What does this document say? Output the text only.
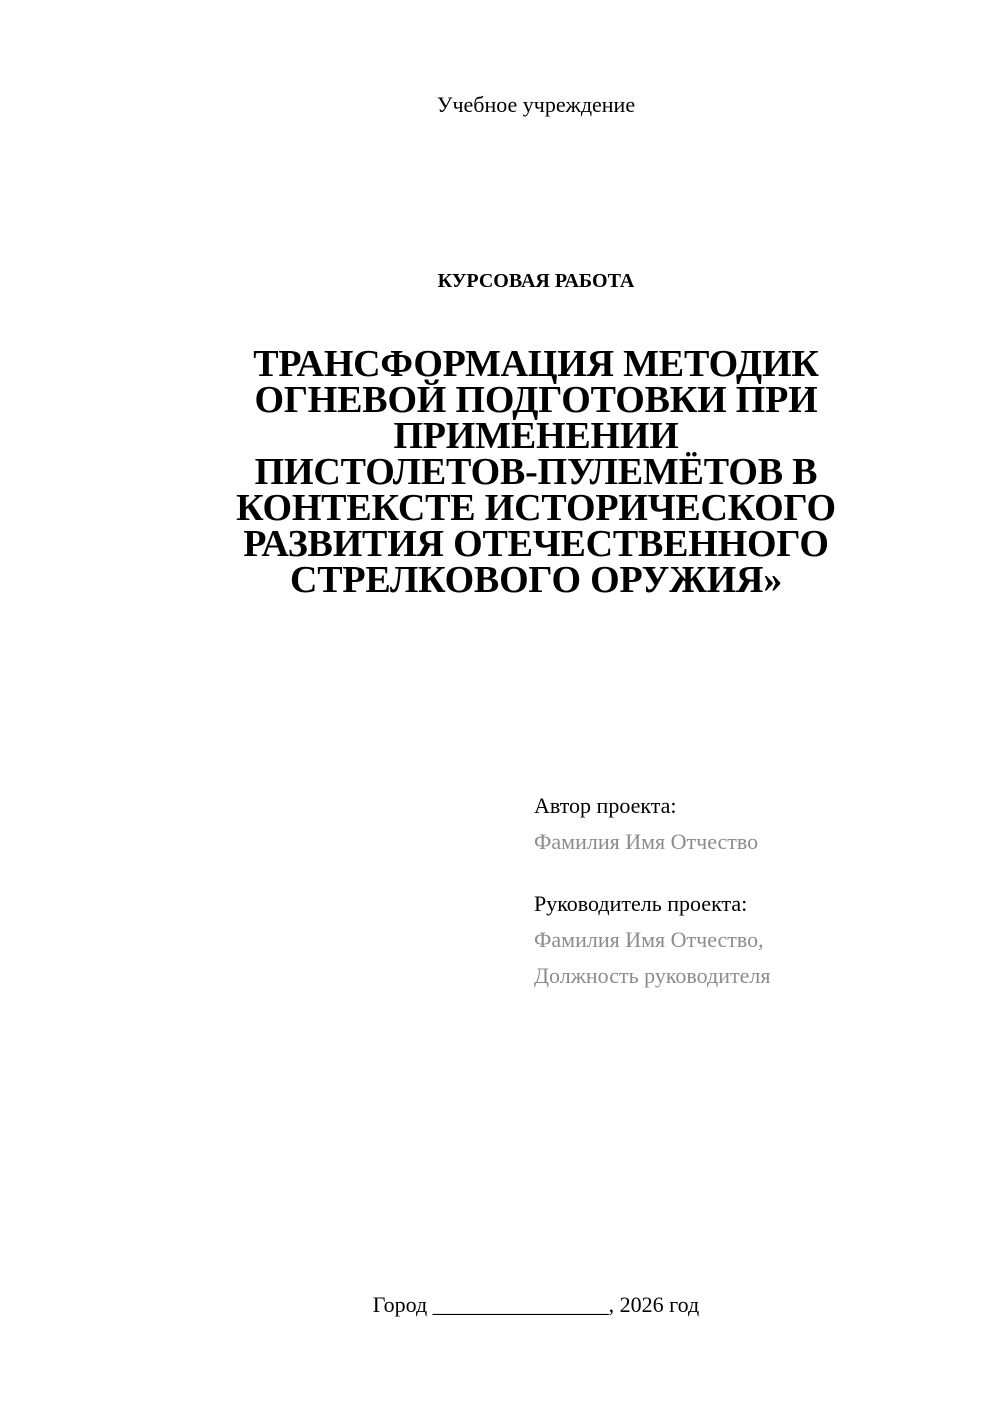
Учебное учреждение
КУРСОВАЯ РАБОТА
ТРАНСФОРМАЦИЯ МЕТОДИК
ОГНЕВОЙ ПОДГОТОВКИ ПРИ
ПРИМЕНЕНИИ
ПИСТОЛЕТОВ-ПУЛЕМЁТОВ В
КОНТЕКСТЕ ИСТОРИЧЕСКОГО
РАЗВИТИЯ ОТЕЧЕСТВЕННОГО
СТРЕЛКОВОГО ОРУЖИЯ»
Автор проекта:
Фамилия Имя Отчество
Руководитель проекта:
Фамилия Имя Отчество,
Должность руководителя
Город ________________, 2026 год
